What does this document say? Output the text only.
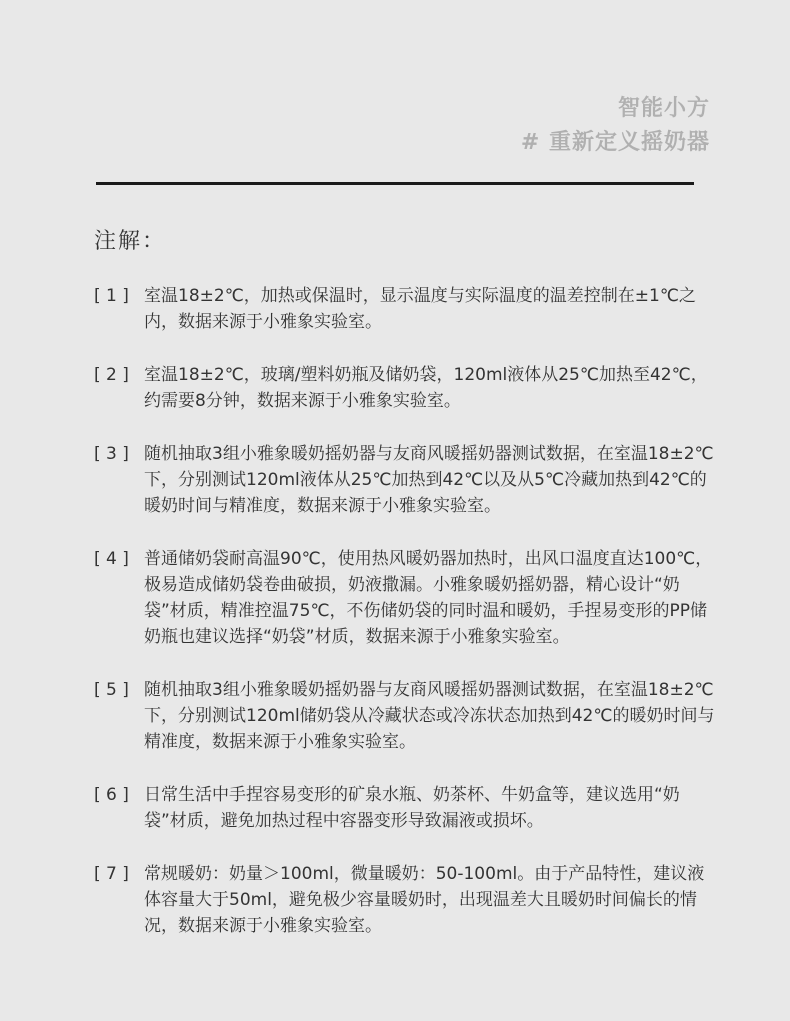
智能小方
# 重新定义摇奶器
注解：
[ 1 ] 室温18±2℃，加热或保温时，显示温度与实际温度的温差控制在±1℃之内，数据来源于小雅象实验室。
[ 2 ] 室温18±2℃，玻璃/塑料奶瓶及储奶袋，120ml液体从25℃加热至42℃，约需要8分钟，数据来源于小雅象实验室。
[ 3 ] 随机抽取3组小雅象暖奶摇奶器与友商风暖摇奶器测试数据，在室温18±2℃下，分别测试120ml液体从25℃加热到42℃以及从5℃冷藏加热到42℃的暖奶时间与精准度，数据来源于小雅象实验室。
[ 4 ] 普通储奶袋耐高温90℃，使用热风暖奶器加热时，出风口温度直达100℃，极易造成储奶袋卷曲破损，奶液撒漏。小雅象暖奶摇奶器，精心设计“奶袋”材质，精准控温75℃，不伤储奶袋的同时温和暖奶，手捏易变形的PP储奶瓶也建议选择“奶袋”材质，数据来源于小雅象实验室。
[ 5 ] 随机抽取3组小雅象暖奶摇奶器与友商风暖摇奶器测试数据，在室温18±2℃下，分别测试120ml储奶袋从冷藏状态或冷冻状态加热到42℃的暖奶时间与精准度，数据来源于小雅象实验室。
[ 6 ] 日常生活中手捏容易变形的矿泉水瓶、奶茶杯、牛奶盒等，建议选用“奶袋”材质，避免加热过程中容器变形导致漏液或损坏。
[ 7 ] 常规暖奶：奶量＞100ml，微量暖奶：50-100ml。由于产品特性，建议液体容量大于50ml，避免极少容量暖奶时，出现温差大且暖奶时间偏长的情况，数据来源于小雅象实验室。
